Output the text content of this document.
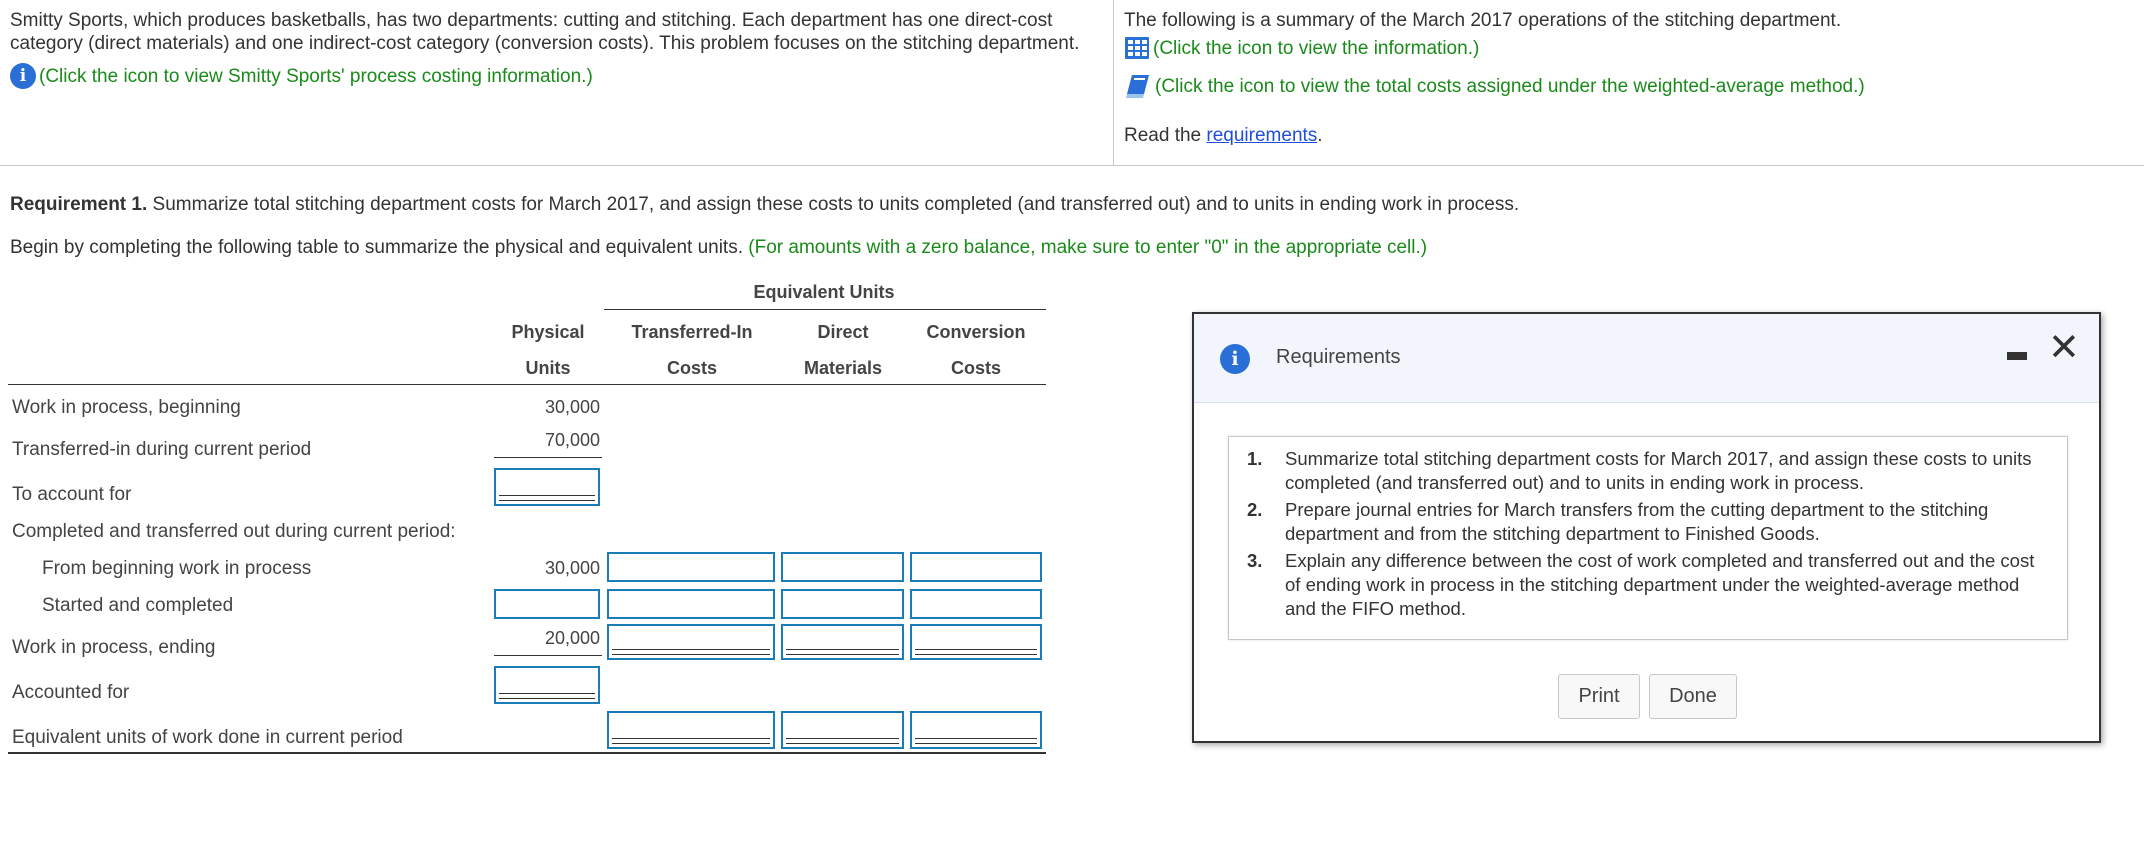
Smitty Sports, which produces basketballs, has two departments: cutting and stitching. Each department has one direct-cost category (direct materials) and one indirect-cost category (conversion costs). This problem focuses on the stitching department.
i (Click the icon to view Smitty Sports' process costing information.)
The following is a summary of the March 2017 operations of the stitching department.
(Click the icon to view the information.)
(Click the icon to view the total costs assigned under the weighted-average method.)
Read the requirements.
Requirement 1. Summarize total stitching department costs for March 2017, and assign these costs to units completed (and transferred out) and to units in ending work in process.
Begin by completing the following table to summarize the physical and equivalent units. (For amounts with a zero balance, make sure to enter "0" in the appropriate cell.)
Equivalent Units
Physical
Units
Transferred-In
Costs
Direct
Materials
Conversion
Costs
Work in process, beginning	30,000
Transferred-in during current period	70,000
To account for
Completed and transferred out during current period:
From beginning work in process	30,000
Started and completed
Work in process, ending	20,000
Accounted for
Equivalent units of work done in current period
i	Requirements	✕
1.	Summarize total stitching department costs for March 2017, and assign these costs to units completed (and transferred out) and to units in ending work in process.
2.	Prepare journal entries for March transfers from the cutting department to the stitching department and from the stitching department to Finished Goods.
3.	Explain any difference between the cost of work completed and transferred out and the cost of ending work in process in the stitching department under the weighted-average method and the FIFO method.
Print	Done
